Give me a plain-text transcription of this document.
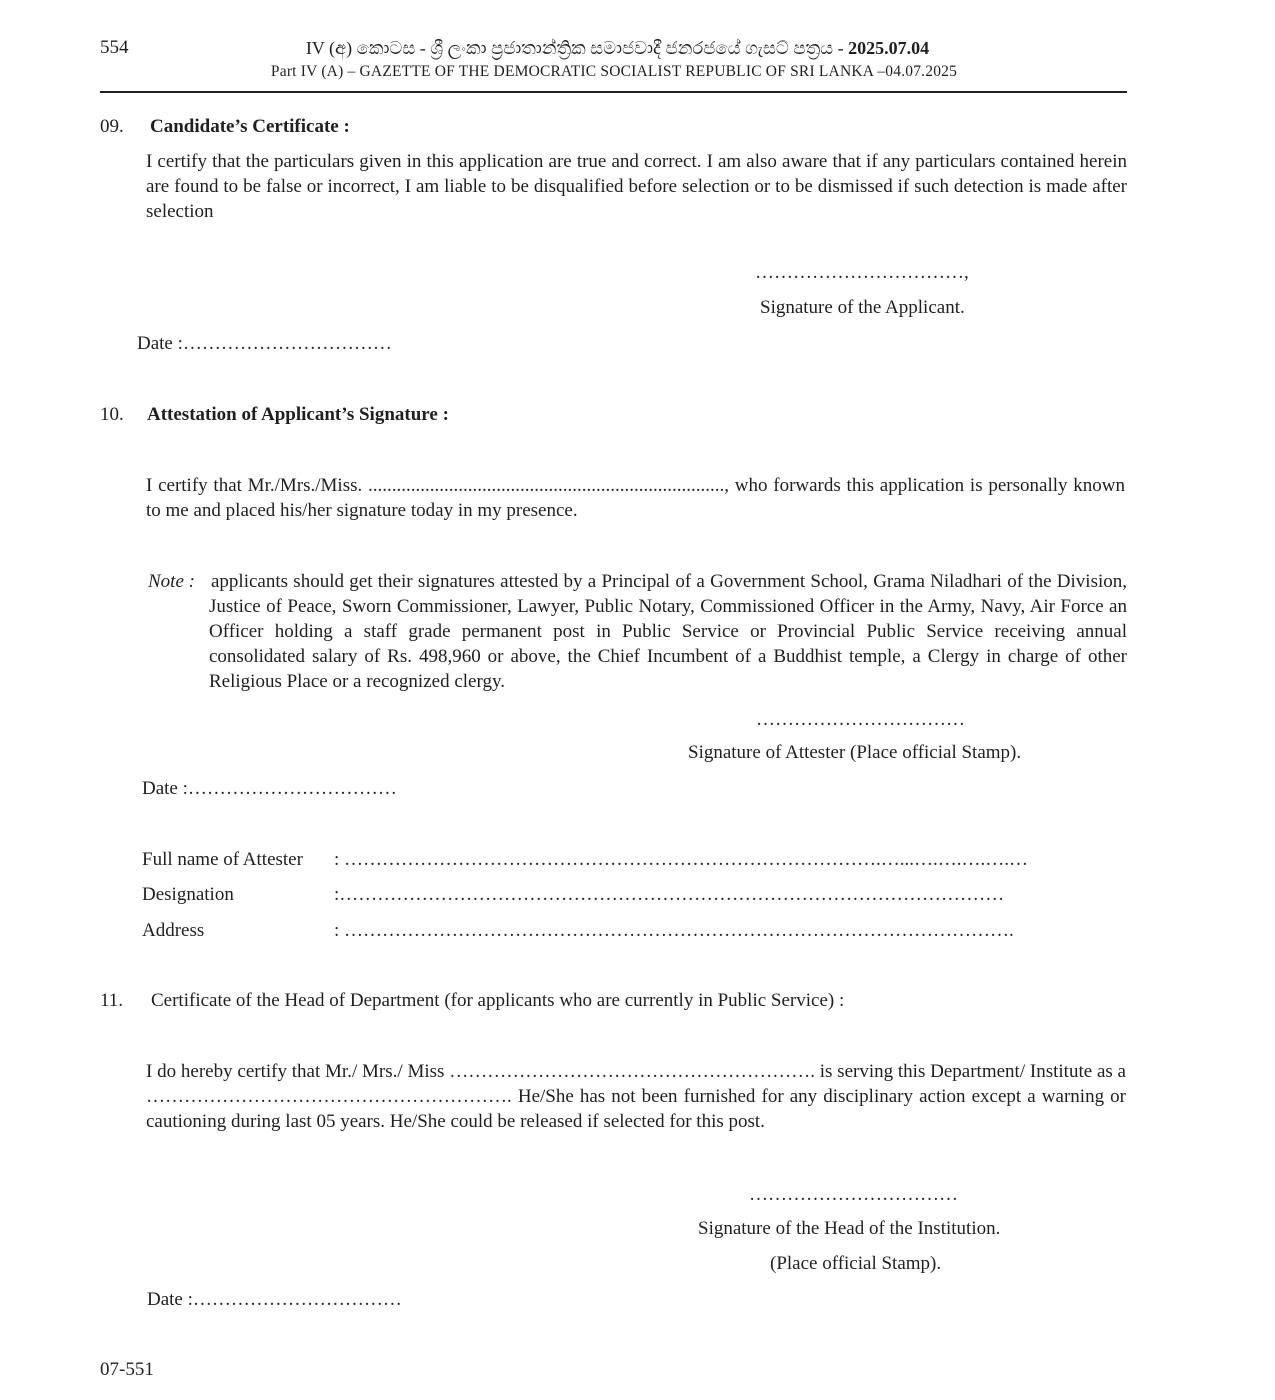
554	IV (අ) කොටස - ශ්‍රී ලංකා ප්‍රජාතාන්ත්‍රික සමාජවාදී ජනරජයේ ගැසට් පත්‍රය - 2025.07.04
Part IV (A) – GAZETTE OF THE DEMOCRATIC SOCIALIST REPUBLIC OF SRI LANKA –04.07.2025
09. Candidate’s Certificate :
I certify that the particulars given in this application are true and correct. I am also aware that if any particulars contained herein are found to be false or incorrect, I am liable to be disqualified before selection or to be dismissed if such detection is made after selection
……………………………,
Signature of the Applicant.
Date :……………………………
10. Attestation of Applicant’s Signature :
I certify that Mr./Mrs./Miss. ..........................................................................., who forwards this application is personally known to me and placed his/her signature today in my presence.
Note : applicants should get their signatures attested by a Principal of a Government School, Grama Niladhari of the Division, Justice of Peace, Sworn Commissioner, Lawyer, Public Notary, Commissioned Officer in the Army, Navy, Air Force an Officer holding a staff grade permanent post in Public Service or Provincial Public Service receiving annual consolidated salary of Rs. 498,960 or above, the Chief Incumbent of a Buddhist temple, a Clergy in charge of other Religious Place or a recognized clergy.
……………………………
Signature of Attester (Place official Stamp).
Date :……………………………
Full name of Attester : ………………………………………………………………………….…...….….….….…
Designation	:……………………………………………………………………………………………
Address	: …………………………………………………………………………………………….
11. Certificate of the Head of Department (for applicants who are currently in Public Service) :
I do hereby certify that Mr./ Mrs./ Miss …………………………………………………. is serving this Department/ Institute as a …………………………………………………. He/She has not been furnished for any disciplinary action except a warning or cautioning during last 05 years. He/She could be released if selected for this post.
……………………………
Signature of the Head of the Institution.
(Place official Stamp).
Date :……………………………
07-551
